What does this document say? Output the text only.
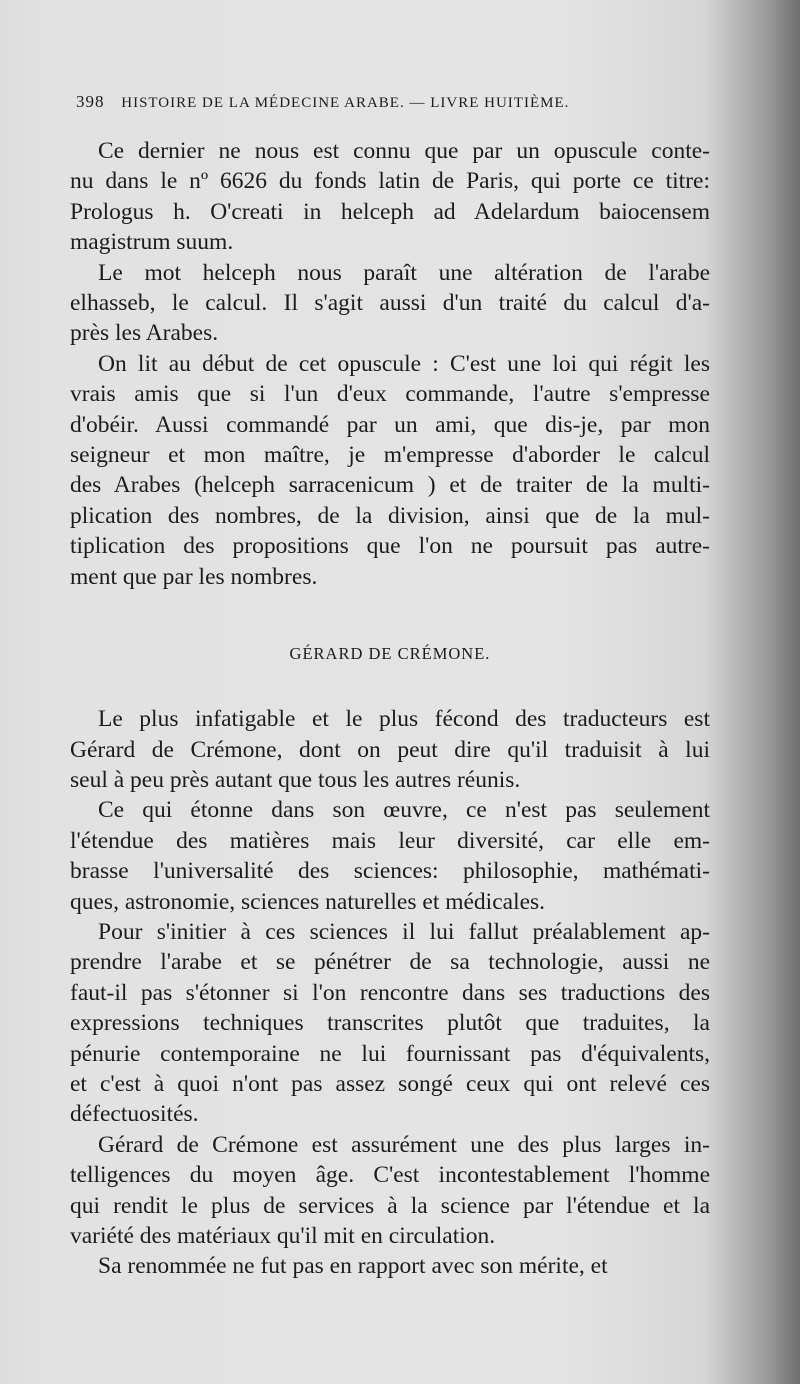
398 HISTOIRE DE LA MÉDECINE ARABE. — LIVRE HUITIÈME.

Ce dernier ne nous est connu que par un opuscule conte-
nu dans le nº 6626 du fonds latin de Paris, qui porte ce titre:
Prologus h. O'creati in helceph ad Adelardum baiocensem
magistrum suum.

Le mot helceph nous paraît une altération de l'arabe
elhasseb, le calcul. Il s'agit aussi d'un traité du calcul d'a-
près les Arabes.

On lit au début de cet opuscule : C'est une loi qui régit les
vrais amis que si l'un d'eux commande, l'autre s'empresse
d'obéir. Aussi commandé par un ami, que dis-je, par mon
seigneur et mon maître, je m'empresse d'aborder le calcul
des Arabes (helceph sarracenicum ) et de traiter de la multi-
plication des nombres, de la division, ainsi que de la mul-
tiplication des propositions que l'on ne poursuit pas autre-
ment que par les nombres.

GÉRARD DE CRÉMONE.

Le plus infatigable et le plus fécond des traducteurs est
Gérard de Crémone, dont on peut dire qu'il traduisit à lui
seul à peu près autant que tous les autres réunis.

Ce qui étonne dans son œuvre, ce n'est pas seulement
l'étendue des matières mais leur diversité, car elle em-
brasse l'universalité des sciences: philosophie, mathémati-
ques, astronomie, sciences naturelles et médicales.

Pour s'initier à ces sciences il lui fallut préalablement ap-
prendre l'arabe et se pénétrer de sa technologie, aussi ne
faut-il pas s'étonner si l'on rencontre dans ses traductions des
expressions techniques transcrites plutôt que traduites, la
pénurie contemporaine ne lui fournissant pas d'équivalents,
et c'est à quoi n'ont pas assez songé ceux qui ont relevé ces
défectuosités.

Gérard de Crémone est assurément une des plus larges in-
telligences du moyen âge. C'est incontestablement l'homme
qui rendit le plus de services à la science par l'étendue et la
variété des matériaux qu'il mit en circulation.

Sa renommée ne fut pas en rapport avec son mérite, et
